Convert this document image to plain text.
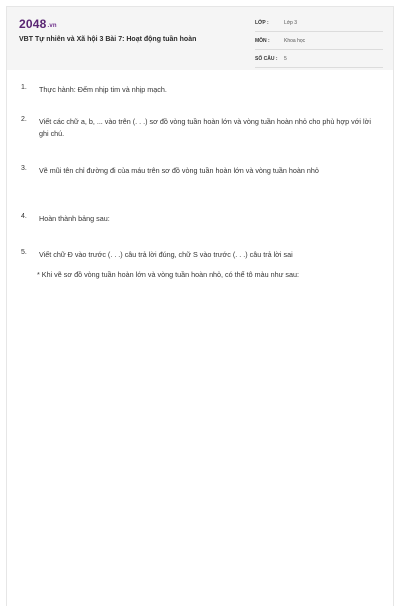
2048.vn
VBT Tự nhiên và Xã hội 3 Bài 7: Hoạt động tuần hoàn
LỚP :	Lớp 3
MÔN :	Khoa học
SỐ CÂU : 5
1. Thực hành: Đếm nhịp tim và nhịp mạch.
2. Viết các chữ a, b, ... vào trên (. . .) sơ đồ vòng tuần hoàn lớn và vòng tuần hoàn nhỏ cho phù hợp với lời ghi chú.
3. Vẽ mũi tên chỉ đường đi của máu trên sơ đồ vòng tuần hoàn lớn và vòng tuần hoàn nhỏ
4. Hoàn thành bảng sau:
5. Viết chữ Đ vào trước (. . .) câu trả lời đúng, chữ S vào trước (. . .) câu trả lời sai
* Khi vẽ sơ đồ vòng tuần hoàn lớn và vòng tuần hoàn nhỏ, có thể tô màu như sau:
